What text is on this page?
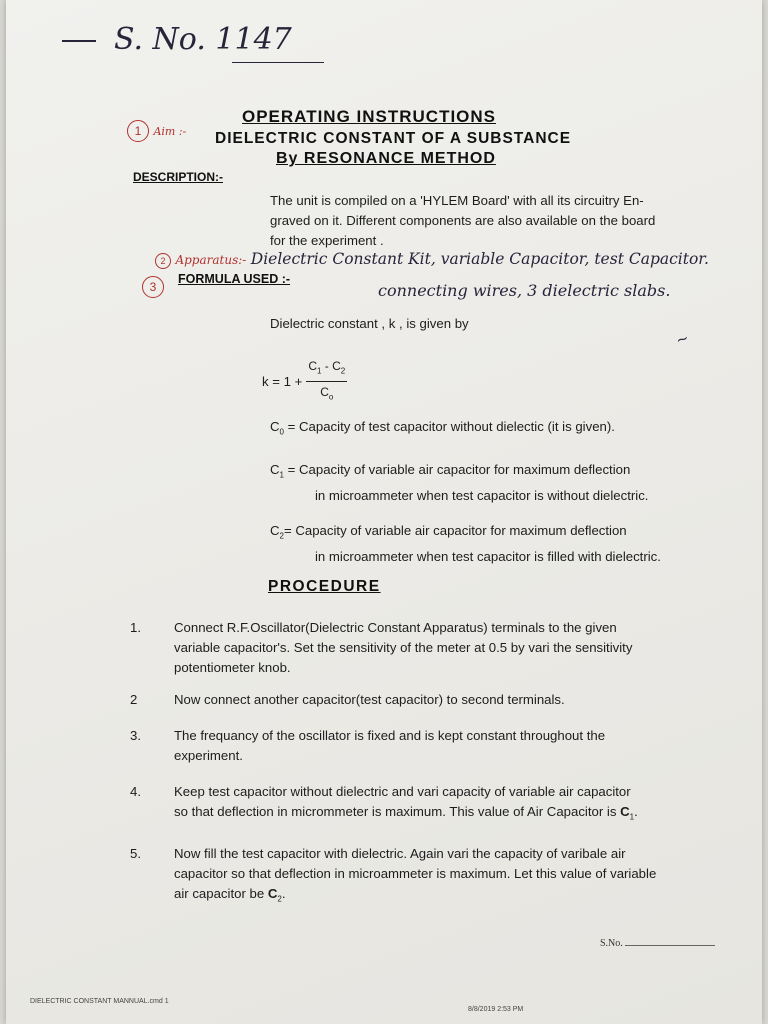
S. No. 1147
OPERATING INSTRUCTIONS
DIELECTRIC CONSTANT OF A SUBSTANCE
By RESONANCE METHOD
1 Aim :-
DESCRIPTION:-
The unit is compiled on a 'HYLEM Board' with all its circuitry En-
graved on it. Different components are also available on the board
for the experiment .
2 Apparatus:- Dielectric Constant Kit, variable Capacitor, test Capacitor.
connecting wires, 3 dielectric slabs.
3
FORMULA USED :-
Dielectric constant , k , is given by
~
$k = 1 + \frac{C_1 - C_2}{C_o}$
$C_0$ = Capacity of test capacitor without dielectic (it is given).
$C_1$ = Capacity of variable air capacitor for maximum deflection
in microammeter when test capacitor is without dielectric.
$C_2=$ Capacity of variable air capacitor for maximum deflection
in microammeter when test capacitor is filled with dielectric.
PROCEDURE
1.	Connect R.F.Oscillator(Dielectric Constant Apparatus) terminals to the given
variable capacitor's. Set the sensitivity of the meter at 0.5 by vari the sensitivity
potentiometer knob.
2	Now connect another capacitor(test capacitor) to second terminals.
3.	The frequancy of the oscillator is fixed and is kept constant throughout the
experiment.
4.	Keep test capacitor without dielectric and vari capacity of variable air capacitor
so that deflection in micrommeter is maximum. This value of Air Capacitor is $C_1$.
5.	Now fill the test capacitor with dielectric. Again vari the capacity of varibale air
capacitor so that deflection in microammeter is maximum. Let this value of variable
air capacitor be $C_2$.
S.No.
DIELECTRIC CONSTANT MANNUAL.cmd 1
8/8/2019 2:53 PM
